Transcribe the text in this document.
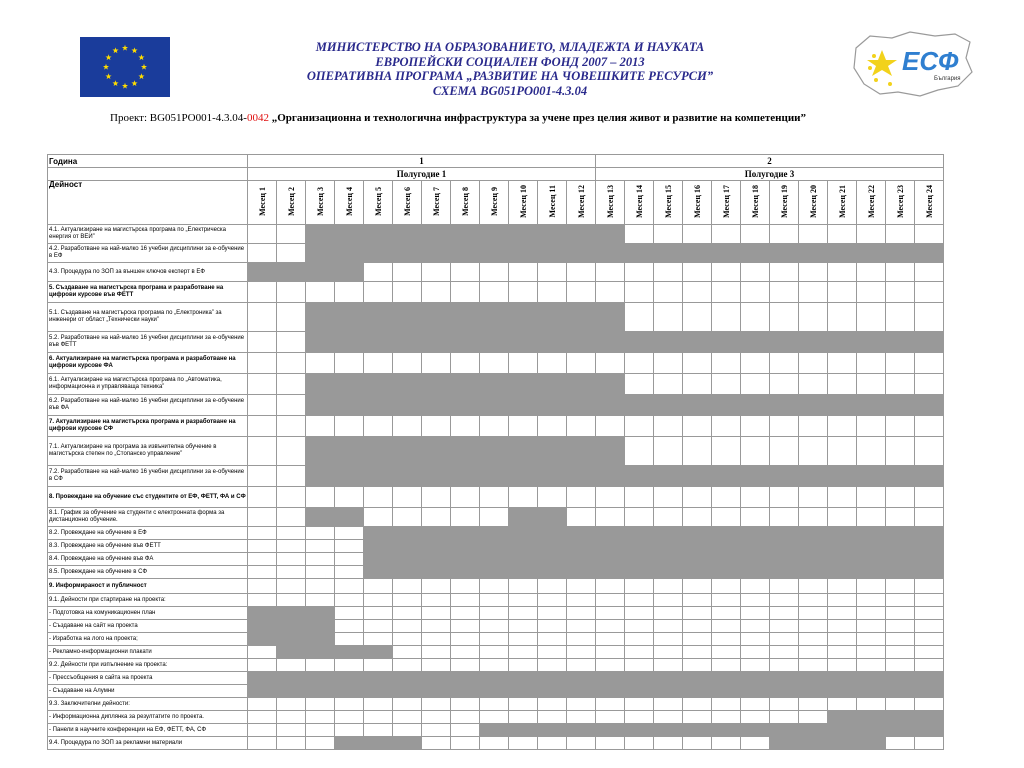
МИНИСТЕРСТВО НА ОБРАЗОВАНИЕТО, МЛАДЕЖТА И НАУКАТА
ЕВРОПЕЙСКИ СОЦИАЛЕН ФОНД 2007 – 2013
ОПЕРАТИВНА ПРОГРАМА „РАЗВИТИЕ НА ЧОВЕШКИТЕ РЕСУРСИ”
СХЕМА BG051PO001-4.3.04
ЕСФ
България
Проект: BG051PO001-4.3.04-0042 „Организационна и технологична инфраструктура за учене през целия живот и развитие на компетенции”
Година	1												2												
	Полугодие 1												Полугодие 3												
Дейност	Месец 1	Месец 2	Месец 3	Месец 4	Месец 5	Месец 6	Месец 7	Месец 8	Месец 9	Месец 10	Месец 11	Месец 12	Месец 13	Месец 14	Месец 15	Месец 16	Месец 17	Месец 18	Месец 19	Месец 20	Месец 21	Месец 22	Месец 23	Месец 24	
4.1. Актуализиране на магистърска програма по „Електрическа енергия от ВЕИ”																									
4.2. Разработване на най-малко 16 учебни дисциплини за е-обучение в ЕФ																									
4.3. Процедура по ЗОП за външен ключов експерт в ЕФ																									
5. Създаване на магистърска програма и разработване на цифрови курсове във ФЕТТ																									
5.1. Създаване на магистърска програма по „Електроника” за инженери от област „Технически науки”																									
5.2. Разработване на най-малко 16 учебни дисциплини за е-обучение във ФЕТТ																									
6. Актуализиране на магистърска програма и разработване на цифрови курсове ФА																									
6.1. Актуализиране на магистърска програма по „Автоматика, информационна и управляваща техника”																									
6.2. Разработване на най-малко 16 учебни дисциплини за е-обучение във ФА																									
7. Актуализиране на магистърска програма и разработване на цифрови курсове СФ																									
7.1. Актуализиране на програма за извънителна обучение в магистърска степен по „Стопанско управление”																									
7.2. Разработване на най-малко 16 учебни дисциплини за е-обучение в СФ																									
8. Провеждане на обучение със студентите от ЕФ, ФЕТТ, ФА и СФ																									
8.1. График за обучение на студенти с електронната форма за дистанционно обучение.																									
8.2. Провеждане на обучение в ЕФ																									
8.3. Провеждане на обучение във ФЕТТ																									
8.4. Провеждане на обучение във ФА																									
8.5. Провеждане на обучение в СФ																									
9. Информираност и публичност																									
9.1. Дейности при стартиране на проекта:																									
- Подготовка на комуникационен план																									
- Създаване на сайт на проекта																									
- Изработка на лого на проекта;																									
- Рекламно-информационни плакати																									
9.2. Дейности при изпълнение на проекта:																									
- Прессъобщения в сайта на проекта																									
- Създаване на Алумни																									
9.3. Заключителни дейности:																									
- Информационна диплянка за резултатите по проекта.																									
- Панели в научните конференции на ЕФ, ФЕТТ, ФА, СФ																									
9.4. Процедура по ЗОП за рекламни материали																									
